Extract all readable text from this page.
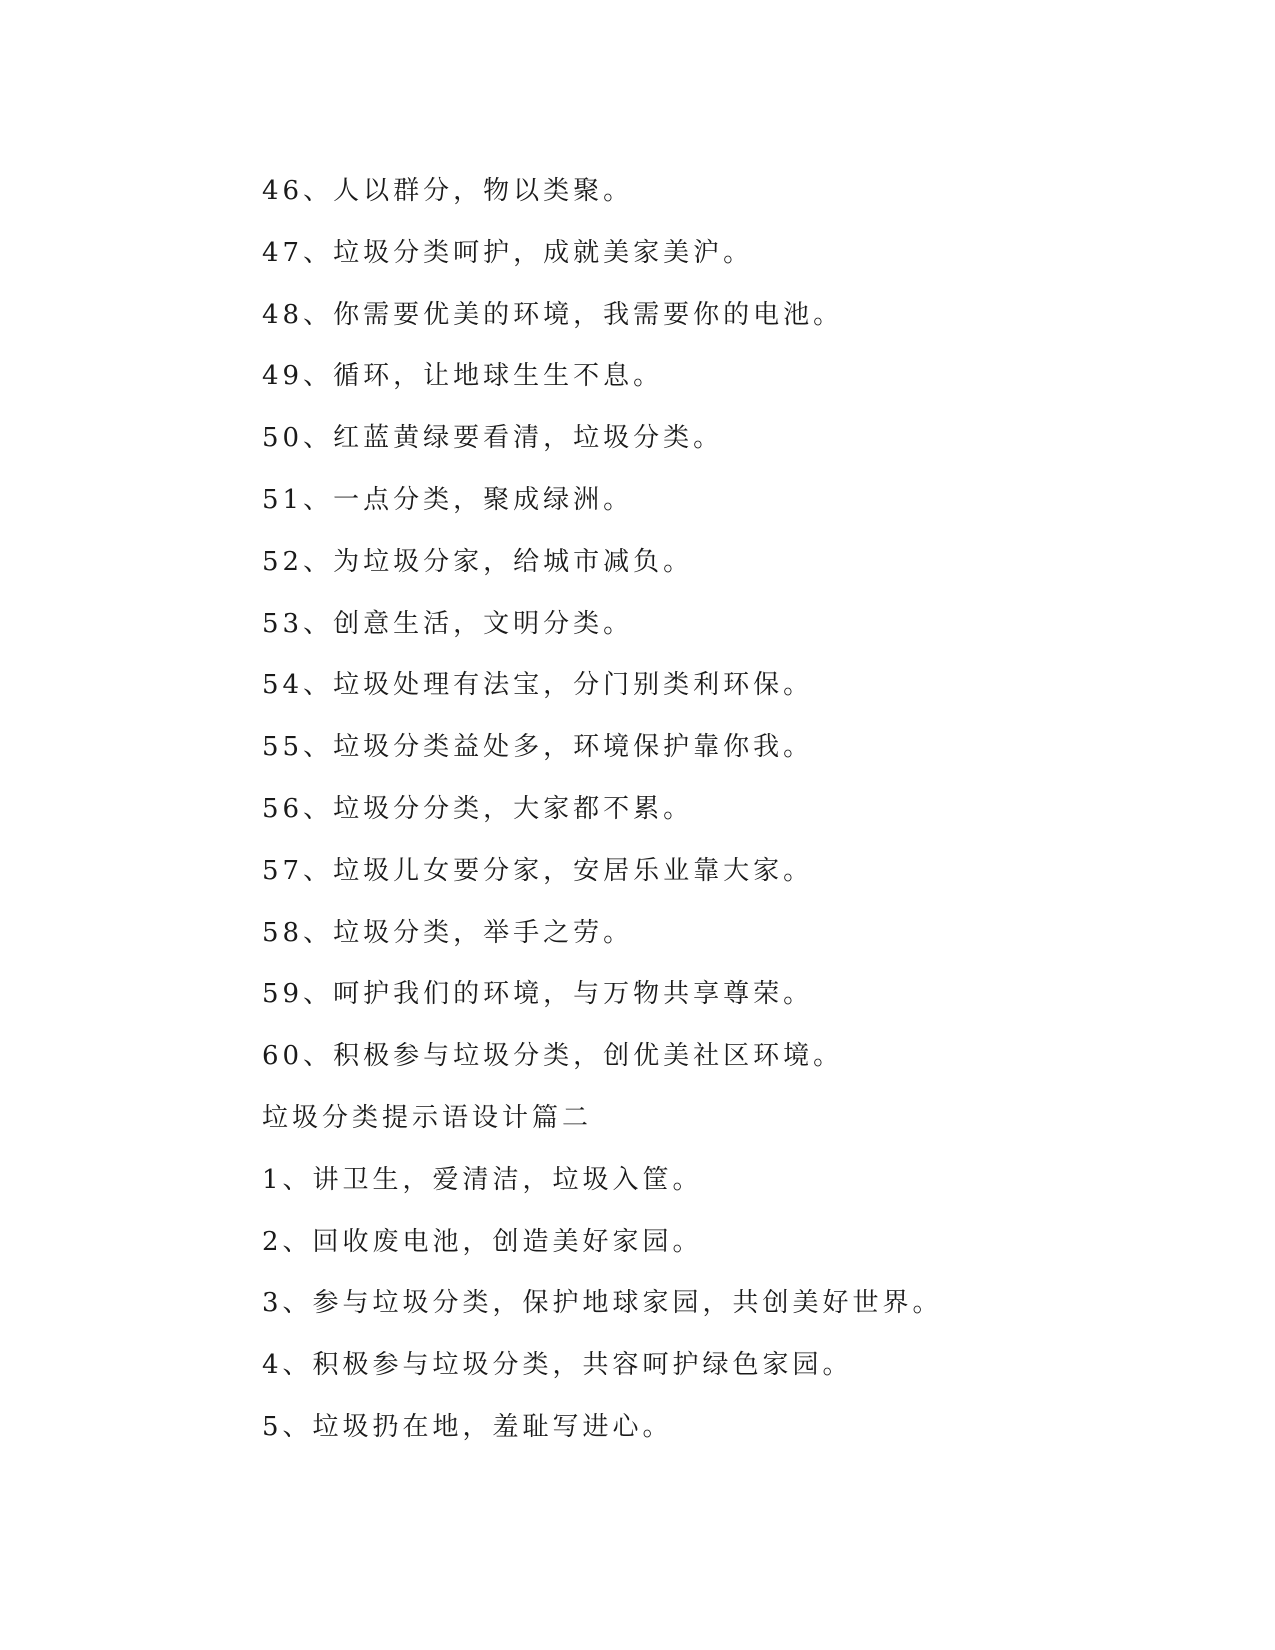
46、人以群分，物以类聚。
47、垃圾分类呵护，成就美家美沪。
48、你需要优美的环境，我需要你的电池。
49、循环，让地球生生不息。
50、红蓝黄绿要看清，垃圾分类。
51、一点分类，聚成绿洲。
52、为垃圾分家，给城市减负。
53、创意生活，文明分类。
54、垃圾处理有法宝，分门别类利环保。
55、垃圾分类益处多，环境保护靠你我。
56、垃圾分分类，大家都不累。
57、垃圾儿女要分家，安居乐业靠大家。
58、垃圾分类，举手之劳。
59、呵护我们的环境，与万物共享尊荣。
60、积极参与垃圾分类，创优美社区环境。
垃圾分类提示语设计篇二
1、讲卫生，爱清洁，垃圾入筐。
2、回收废电池，创造美好家园。
3、参与垃圾分类，保护地球家园，共创美好世界。
4、积极参与垃圾分类，共容呵护绿色家园。
5、垃圾扔在地，羞耻写进心。
